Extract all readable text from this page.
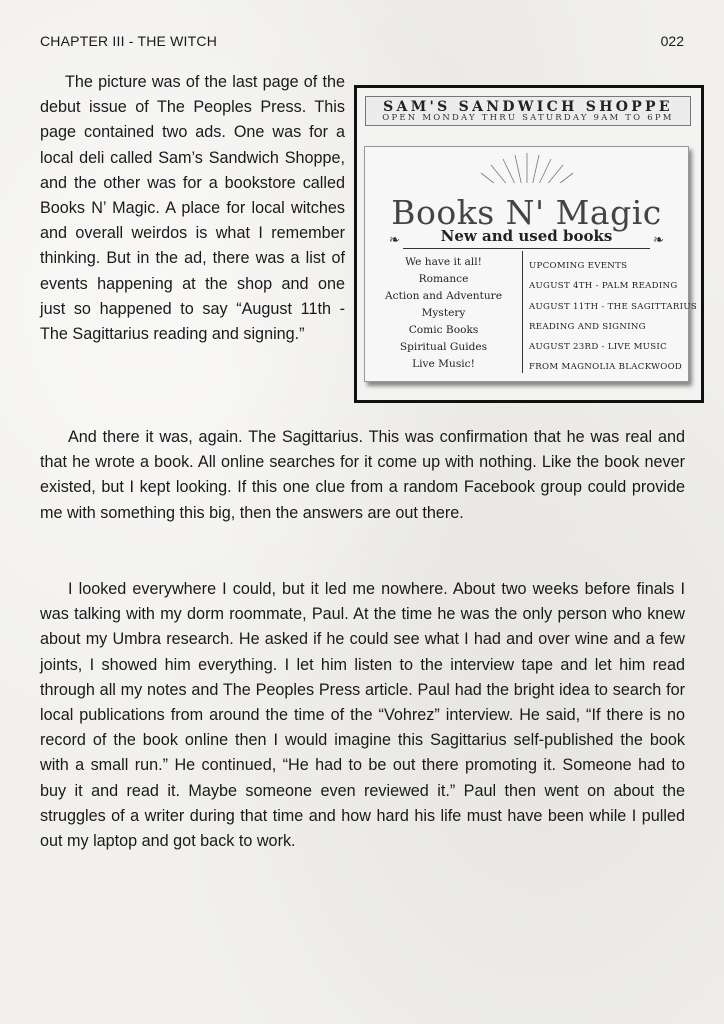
CHAPTER III - THE WITCH	022

The picture was of the last page of the debut issue of The Peoples Press. This page contained two ads. One was for a local deli called Sam’s Sandwich Shoppe, and the other was for a bookstore called Books N’ Magic. A place for local witches and overall weirdos is what I remember thinking. But in the ad, there was a list of events happening at the shop and one just so happened to say “August 11th - The Sagittarius reading and signing.”

SAM'S SANDWICH SHOPPE
OPEN MONDAY THRU SATURDAY 9AM TO 6PM
Books N' Magic
New and used books
❧	❧
We have it all!
Romance
Action and Adventure
Mystery
Comic Books
Spiritual Guides
Live Music!
UPCOMING EVENTS
AUGUST 4TH - PALM READING
AUGUST 11TH - THE SAGITTARIUS
READING AND SIGNING
AUGUST 23RD - LIVE MUSIC
FROM MAGNOLIA BLACKWOOD

And there it was, again. The Sagittarius. This was confirmation that he was real and that he wrote a book. All online searches for it come up with nothing. Like the book never existed, but I kept looking. If this one clue from a random Facebook group could provide me with something this big, then the answers are out there.

I looked everywhere I could, but it led me nowhere. About two weeks before finals I was talking with my dorm roommate, Paul. At the time he was the only person who knew about my Umbra research. He asked if he could see what I had and over wine and a few joints, I showed him everything. I let him listen to the interview tape and let him read through all my notes and The Peoples Press article. Paul had the bright idea to search for local publications from around the time of the “Vohrez” interview. He said, “If there is no record of the book online then I would imagine this Sagittarius self-published the book with a small run.” He continued, “He had to be out there promoting it. Someone had to buy it and read it. Maybe someone even reviewed it.” Paul then went on about the struggles of a writer during that time and how hard his life must have been while I pulled out my laptop and got back to work.
